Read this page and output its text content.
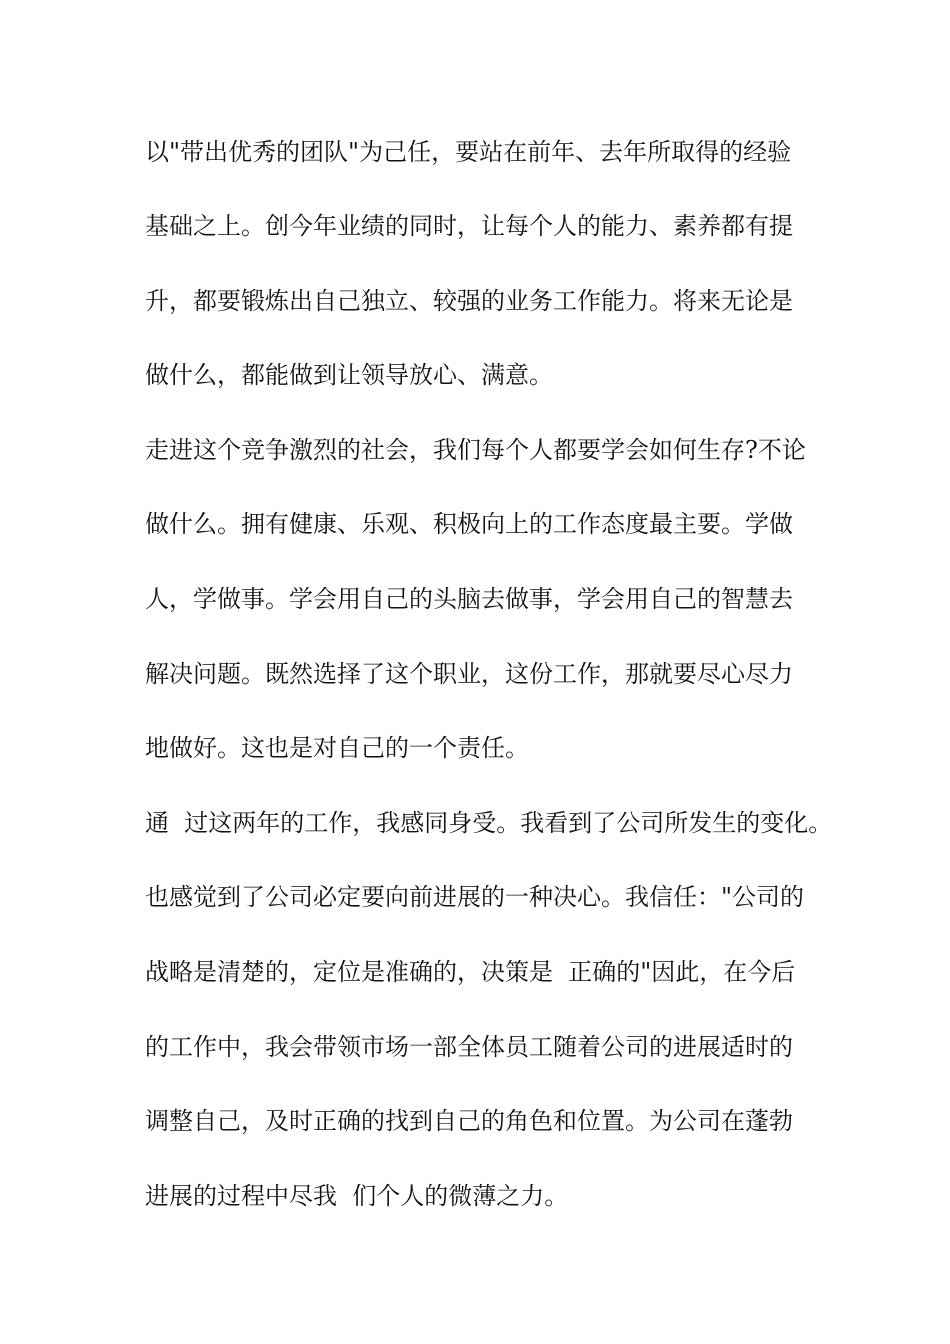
以"带出优秀的团队"为己任，要站在前年、去年所取得的经验
基础之上。创今年业绩的同时，让每个人的能力、素养都有提
升，都要锻炼出自己独立、较强的业务工作能力。将来无论是
做什么，都能做到让领导放心、满意。
走进这个竞争激烈的社会，我们每个人都要学会如何生存?不论
做什么。拥有健康、乐观、积极向上的工作态度最主要。学做
人，学做事。学会用自己的头脑去做事，学会用自己的智慧去
解决问题。既然选择了这个职业，这份工作，那就要尽心尽力
地做好。这也是对自己的一个责任。
通  过这两年的工作，我感同身受。我看到了公司所发生的变化。
也感觉到了公司必定要向前进展的一种决心。我信任："公司的
战略是清楚的，定位是准确的，决策是  正确的"因此，在今后
的工作中，我会带领市场一部全体员工随着公司的进展适时的
调整自己，及时正确的找到自己的角色和位置。为公司在蓬勃
进展的过程中尽我  们个人的微薄之力。
